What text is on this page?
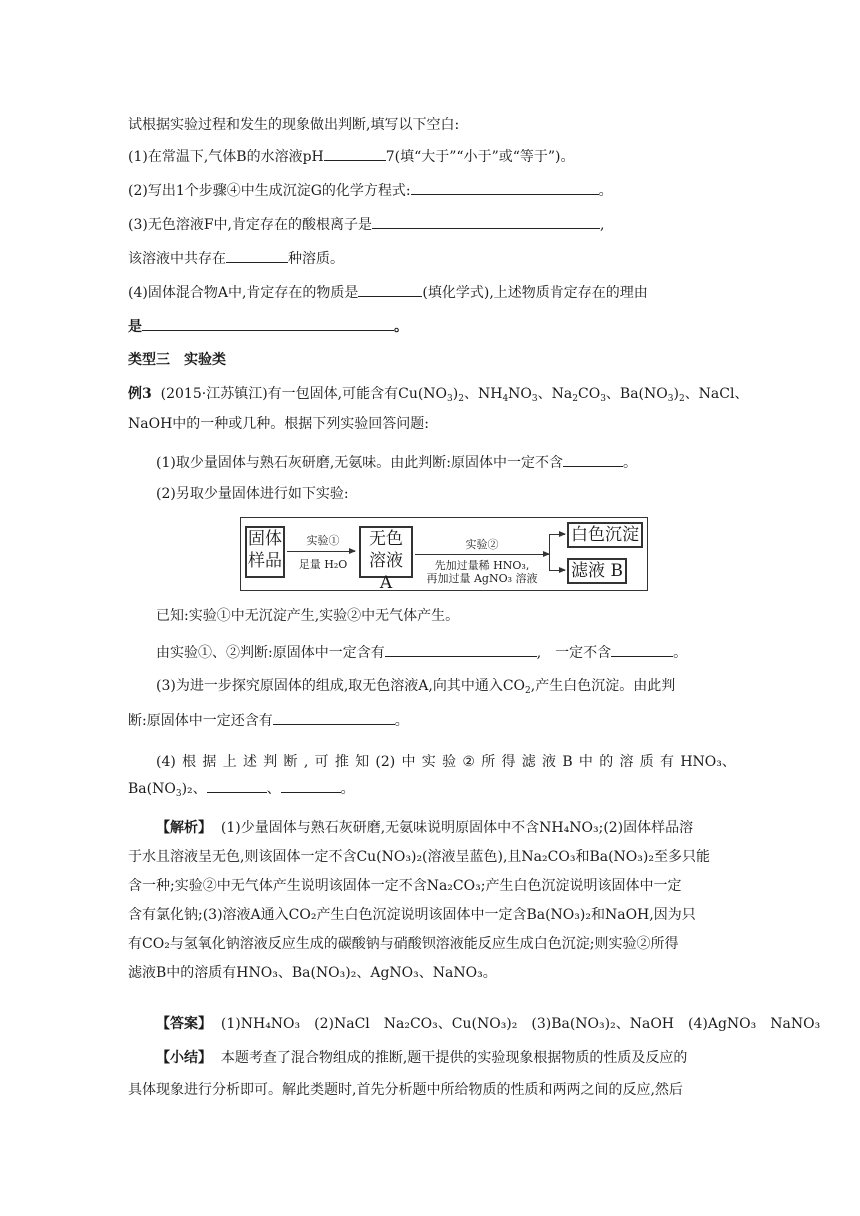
试根据实验过程和发生的现象做出判断,填写以下空白:
(1)在常温下,气体B的水溶液pH	7(填“大于”“小于”或“等于”)。
(2)写出1个步骤④中生成沉淀G的化学方程式:	。
(3)无色溶液F中,肯定存在的酸根离子是	,
该溶液中共存在	种溶质。
(4)固体混合物A中,肯定存在的物质是	(填化学式),上述物质肯定存在的理由
是	。
类型三　实验类
例3 (2015·江苏镇江)有一包固体,可能含有$Cu(NO_3)_2$、$NH_4NO_3$、$Na_2CO_3$、$Ba(NO_3)_2$、NaCl、
NaOH中的一种或几种。根据下列实验回答问题:
(1)取少量固体与熟石灰研磨,无氨味。由此判断:原固体中一定不含	。
(2)另取少量固体进行如下实验:
固体
样品
实验①
足量 H₂O
无色
溶液 A
实验②
先加过量稀 HNO₃,
再加过量 AgNO₃ 溶液
白色沉淀
滤液 B
已知:实验①中无沉淀产生,实验②中无气体产生。
由实验①、②判断:原固体中一定含有	,　一定不含	。
(3)为进一步探究原固体的组成,取无色溶液A,向其中通入$CO_2$,产生白色沉淀。由此判
断:原固体中一定还含有	。
(4) 根 据 上 述 判 断 , 可 推 知 (2) 中 实 验 ② 所 得 滤 液 B 中 的 溶 质 有 HNO₃、
$Ba(NO_3)_2$、	、	。
【解析】 (1)少量固体与熟石灰研磨,无氨味说明原固体中不含NH₄NO₃;(2)固体样品溶
于水且溶液呈无色,则该固体一定不含Cu(NO₃)₂(溶液呈蓝色),且Na₂CO₃和Ba(NO₃)₂至多只能
含一种;实验②中无气体产生说明该固体一定不含Na₂CO₃;产生白色沉淀说明该固体中一定
含有氯化钠;(3)溶液A通入CO₂产生白色沉淀说明该固体中一定含Ba(NO₃)₂和NaOH,因为只
有CO₂与氢氧化钠溶液反应生成的碳酸钠与硝酸钡溶液能反应生成白色沉淀;则实验②所得
滤液B中的溶质有HNO₃、Ba(NO₃)₂、AgNO₃、NaNO₃。
【答案】 (1)NH₄NO₃　(2)NaCl　Na₂CO₃、Cu(NO₃)₂　(3)Ba(NO₃)₂、NaOH　(4)AgNO₃　NaNO₃
【小结】 本题考查了混合物组成的推断,题干提供的实验现象根据物质的性质及反应的
具体现象进行分析即可。解此类题时,首先分析题中所给物质的性质和两两之间的反应,然后
